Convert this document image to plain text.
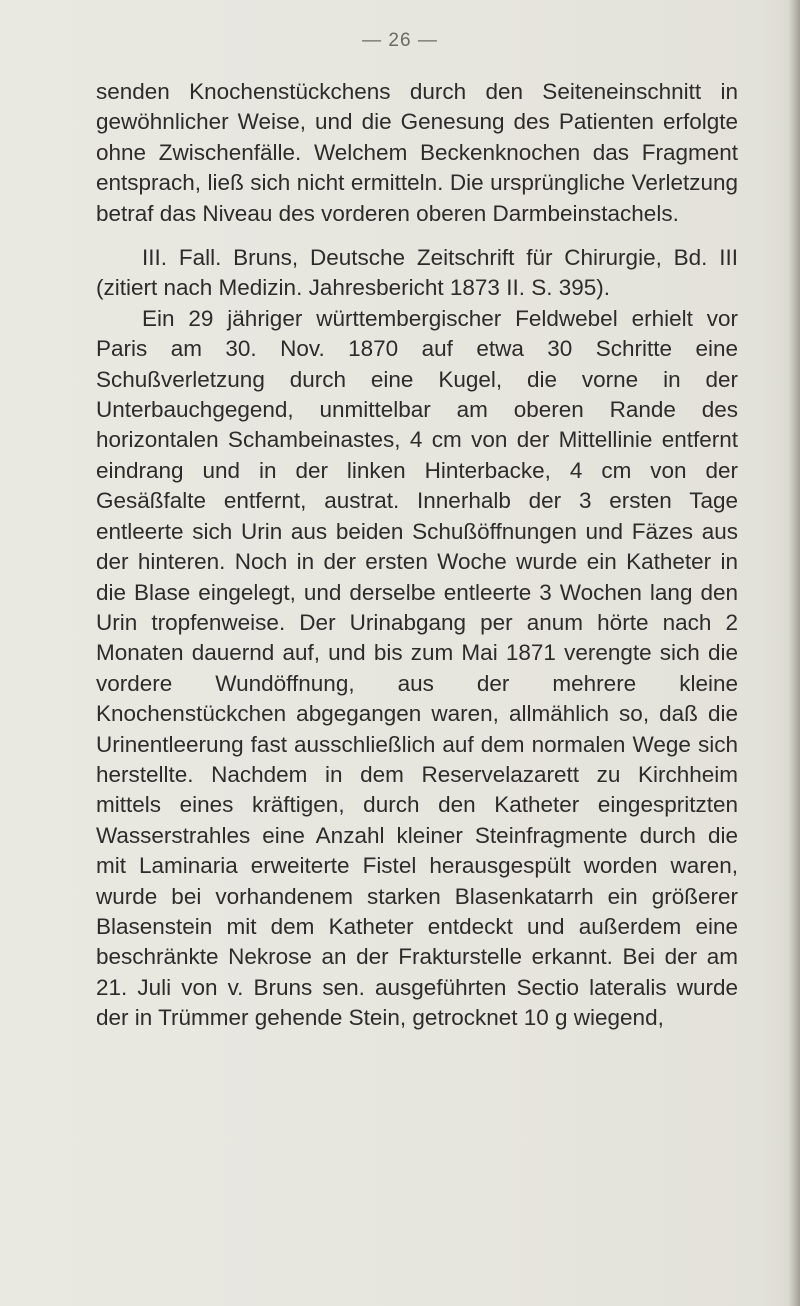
— 26 —

senden Knochenstückchens durch den Seiteneinschnitt in gewöhnlicher Weise, und die Genesung des Patienten erfolgte ohne Zwischenfälle. Welchem Beckenknochen das Fragment entsprach, ließ sich nicht ermitteln. Die ursprüngliche Verletzung betraf das Niveau des vorderen oberen Darmbeinstachels.

III. Fall. Bruns, Deutsche Zeitschrift für Chirurgie, Bd. III (zitiert nach Medizin. Jahresbericht 1873 II. S. 395).

Ein 29 jähriger württembergischer Feldwebel erhielt vor Paris am 30. Nov. 1870 auf etwa 30 Schritte eine Schußverletzung durch eine Kugel, die vorne in der Unterbauchgegend, unmittelbar am oberen Rande des horizontalen Schambeinastes, 4 cm von der Mittellinie entfernt eindrang und in der linken Hinterbacke, 4 cm von der Gesäßfalte entfernt, austrat. Innerhalb der 3 ersten Tage entleerte sich Urin aus beiden Schußöffnungen und Fäzes aus der hinteren. Noch in der ersten Woche wurde ein Katheter in die Blase eingelegt, und derselbe entleerte 3 Wochen lang den Urin tropfenweise. Der Urinabgang per anum hörte nach 2 Monaten dauernd auf, und bis zum Mai 1871 verengte sich die vordere Wundöffnung, aus der mehrere kleine Knochenstückchen abgegangen waren, allmählich so, daß die Urinentleerung fast ausschließlich auf dem normalen Wege sich herstellte. Nachdem in dem Reservelazarett zu Kirchheim mittels eines kräftigen, durch den Katheter eingespritzten Wasserstrahles eine Anzahl kleiner Steinfragmente durch die mit Laminaria erweiterte Fistel herausgespült worden waren, wurde bei vorhandenem starken Blasenkatarrh ein größerer Blasenstein mit dem Katheter entdeckt und außerdem eine beschränkte Nekrose an der Frakturstelle erkannt. Bei der am 21. Juli von v. Bruns sen. ausgeführten Sectio lateralis wurde der in Trümmer gehende Stein, getrocknet 10 g wiegend,
